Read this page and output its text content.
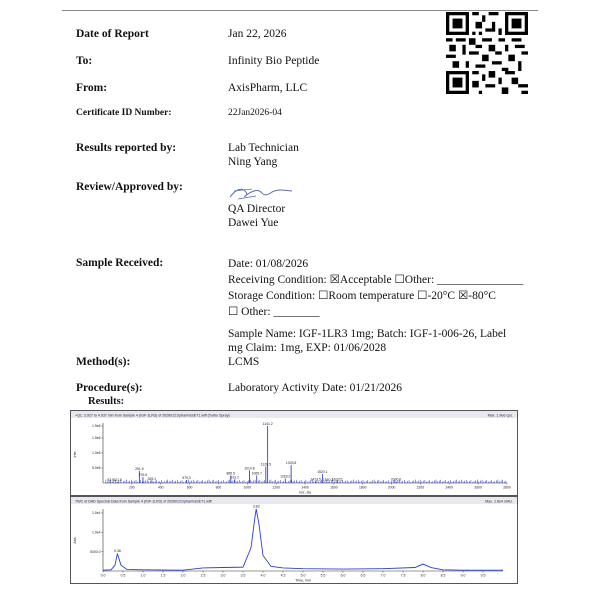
Date of Report	Jan 22, 2026
To:	Infinity Bio Peptide
From:	AxisPharm, LLC
Certificate ID Number:	22Jan2026-04
Results reported by:	Lab Technician
Ning Yang
Review/Approved by:
QA Director
Dawei Yue
Sample Received:	Date: 01/08/2026
Receiving Condition: ☒Acceptable ☐Other: _______________
Storage Condition: ☐Room temperature ☐-20°C ☒-80°C
☐ Other: ________
Sample Name: IGF-1LR3 1mg; Batch: IGF-1-006-26, Label
mg Claim: 1mg, EXP: 01/06/2028
Method(s):	LCMS
Procedure(s):	Laboratory Activity Date: 01/21/2026
Results:
+Q1: 3.927 to 4.037 min from Sample 4 (IGF-1LR3) of 20260121\pharmaSET1.wiff (Turbo Spray)	Max. 1.9e6 cps.
m/z, Da
Inte...
200	400	600	800	1000	1200	1400	1600	1800	2000	2200	2400	2600	2800
5.0e5
1.0e6
1.5e6
1.9e6
53.5 101.8
251.9
276.6
339.1	579.3
885.5
913.2
1014.8
1065.7
1128.5
1141.2
1263.2
1303.8
1473.5
1520.1
1560.1
1623.5	2030.6
TWC of DAD Spectral Data from Sample 4 (IGF-1LR3) of 20260121\pharmaSET1.wiff	Max. 1.6e4 mAU.
Time, min
Abs.
0.0	0.5	1.0	1.5	2.0	2.5	3.0	3.5	4.0	4.5	5.0	5.5	6.0	6.5	7.0	7.5	8.0	8.5	9.0	9.5
5000.0
1.0e4
1.5e4
0.36
3.83
